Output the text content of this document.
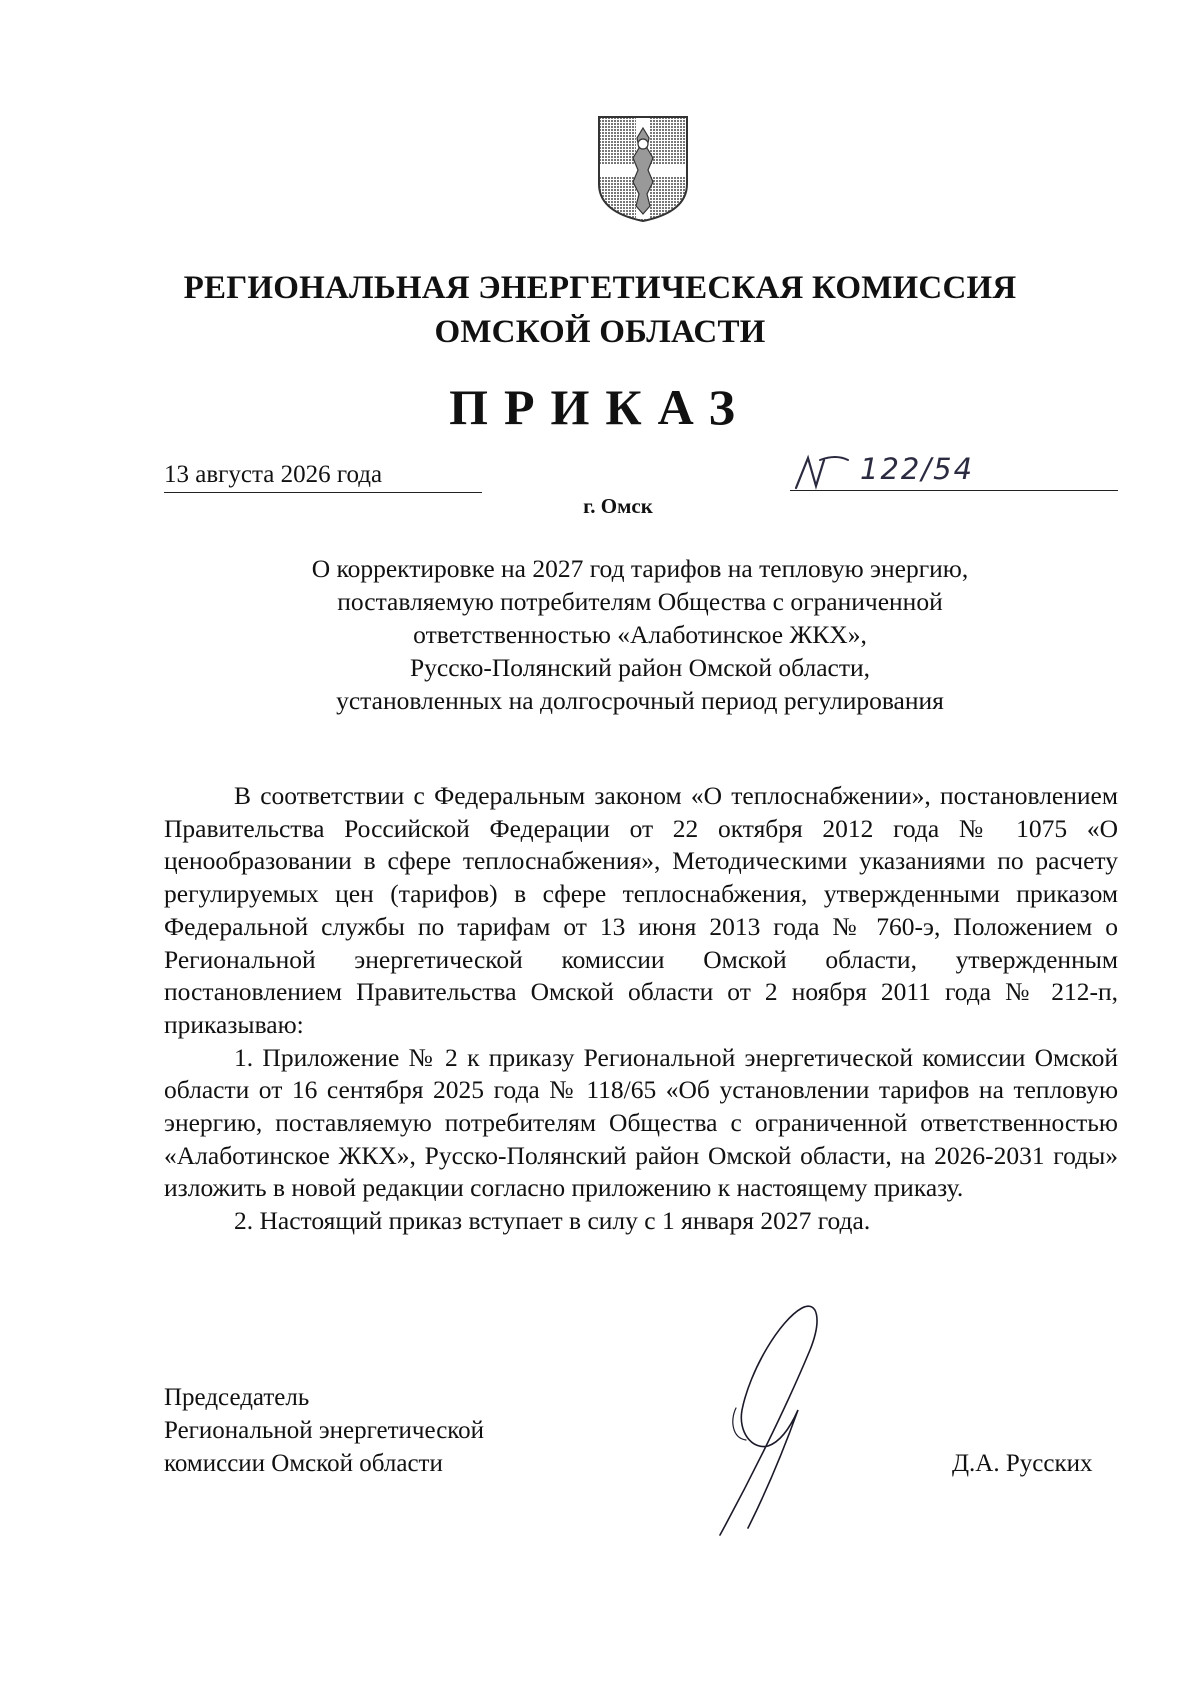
РЕГИОНАЛЬНАЯ ЭНЕРГЕТИЧЕСКАЯ КОМИССИЯ
ОМСКОЙ ОБЛАСТИ
ПРИКАЗ
13 августа 2026 года	122/54
г. Омск
О корректировке на 2027 год тарифов на тепловую энергию,
поставляемую потребителям Общества с ограниченной
ответственностью «Алаботинское ЖКХ»,
Русско-Полянский район Омской области,
установленных на долгосрочный период регулирования

В соответствии с Федеральным законом «О теплоснабжении», постановлением Правительства Российской Федерации от 22 октября 2012 года № 1075 «О ценообразовании в сфере теплоснабжения», Методическими указаниями по расчету регулируемых цен (тарифов) в сфере теплоснабжения, утвержденными приказом Федеральной службы по тарифам от 13 июня 2013 года № 760-э, Положением о Региональной энергетической комиссии Омской области, утвержденным постановлением Правительства Омской области от 2 ноября 2011 года № 212-п, приказываю:

1. Приложение № 2 к приказу Региональной энергетической комиссии Омской области от 16 сентября 2025 года № 118/65 «Об установлении тарифов на тепловую энергию, поставляемую потребителям Общества с ограниченной ответственностью «Алаботинское ЖКХ», Русско-Полянский район Омской области, на 2026-2031 годы» изложить в новой редакции согласно приложению к настоящему приказу.

2. Настоящий приказ вступает в силу с 1 января 2027 года.

Председатель
Региональной энергетической
комиссии Омской области	Д.А. Русских
